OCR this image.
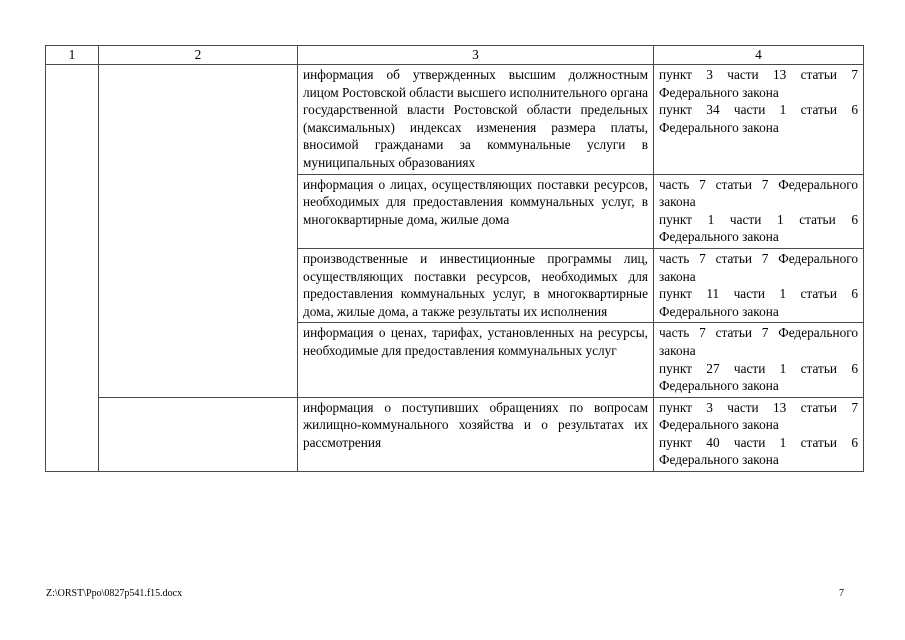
1	2	3	4
		информация об утвержденных высшим должностным лицом Ростовской области высшего исполнительного органа государственной власти Ростовской области предельных (максимальных) индексах изменения размера платы, вносимой гражданами за коммунальные услуги в муниципальных образованиях	пункт 3 части 13 статьи 7 Федерального закона
пункт 34 части 1 статьи 6 Федерального закона

		информация о лицах, осуществляющих поставки ресурсов, необходимых для предоставления коммунальных услуг, в многоквартирные дома, жилые дома	часть 7 статьи 7 Федерального закона
пункт 1 части 1 статьи 6 Федерального закона

		производственные и инвестиционные программы лиц, осуществляющих поставки ресурсов, необходимых для предоставления коммунальных услуг, в многоквартирные дома, жилые дома, а также результаты их исполнения	часть 7 статьи 7 Федерального закона
пункт 11 части 1 статьи 6 Федерального закона

		информация о ценах, тарифах, установленных на ресурсы, необходимые для предоставления коммунальных услуг	часть 7 статьи 7 Федерального закона
пункт 27 части 1 статьи 6 Федерального закона

		информация о поступивших обращениях по вопросам жилищно-коммунального хозяйства и о результатах их рассмотрения	пункт 3 части 13 статьи 7 Федерального закона
пункт 40 части 1 статьи 6 Федерального закона
Z:\ORST\Ppo\0827p541.f15.docx	7
